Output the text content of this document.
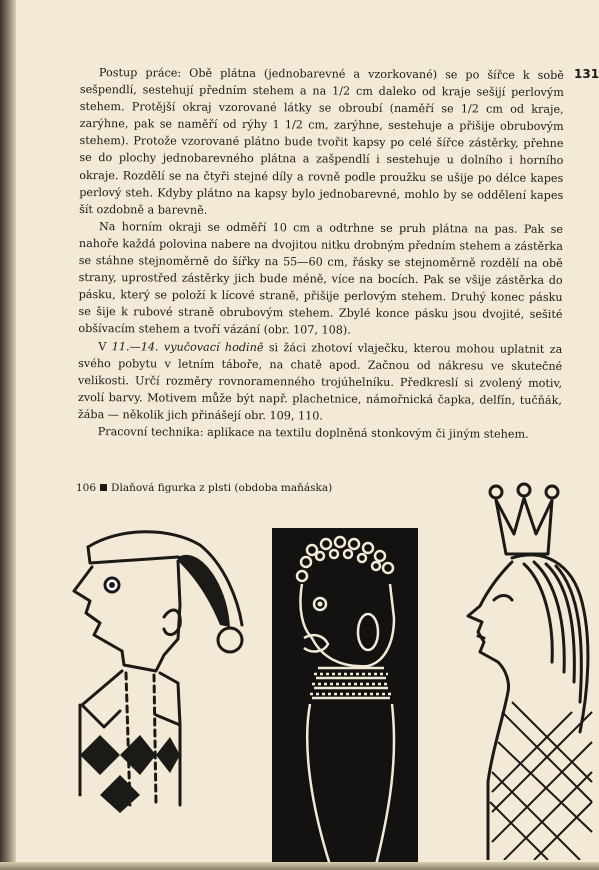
131

Postup práce: Obě plátna (jednobarevné a vzorkované) se po šířce k sobě sešpendlí, sestehují předním stehem a na 1/2 cm daleko od kraje sešijí perlovým stehem. Protější okraj vzorované látky se obroubí (naměří se 1/2 cm od kraje, zarýhne, pak se naměří od rýhy 1 1/2 cm, zarýhne, sestehuje a přišije obrubovým stehem). Protože vzorované plátno bude tvořit kapsy po celé šířce zástěrky, přehne se do plochy jednobarevného plátna a zašpendlí i sestehuje u dolního i horního okraje. Rozdělí se na čtyři stejné díly a rovně podle proužku se ušije po délce kapes perlový steh. Kdyby plátno na kapsy bylo jednobarevné, mohlo by se oddělení kapes šít ozdobně a barevně.

Na horním okraji se odměří 10 cm a odtrhne se pruh plátna na pas. Pak se nahoře každá polovina nabere na dvojitou nitku drobným předním stehem a zástěrka se stáhne stejnoměrně do šířky na 55—60 cm, řásky se stejnoměrně rozdělí na obě strany, uprostřed zástěrky jich bude méně, více na bocích. Pak se všije zástěrka do pásku, který se položí k lícové straně, přišije perlovým stehem. Druhý konec pásku se šije k rubové straně obrubovým stehem. Zbylé konce pásku jsou dvojité, sešité obšívacím stehem a tvoří vázání (obr. 107, 108).

V 11.—14. vyučovací hodině si žáci zhotoví vlaječku, kterou mohou uplatnit za svého pobytu v letním táboře, na chatě apod. Začnou od nákresu ve skutečné velikosti. Určí rozměry rovnoramenného trojúhelníku. Předkreslí si zvolený motiv, zvolí barvy. Motivem může být např. plachetnice, námořnická čapka, delfín, tučňák, žába — několik jich přinášejí obr. 109, 110.

Pracovní technika: aplikace na textilu doplněná stonkovým či jiným stehem.

106 Dlaňová figurka z plsti (obdoba maňáska)
